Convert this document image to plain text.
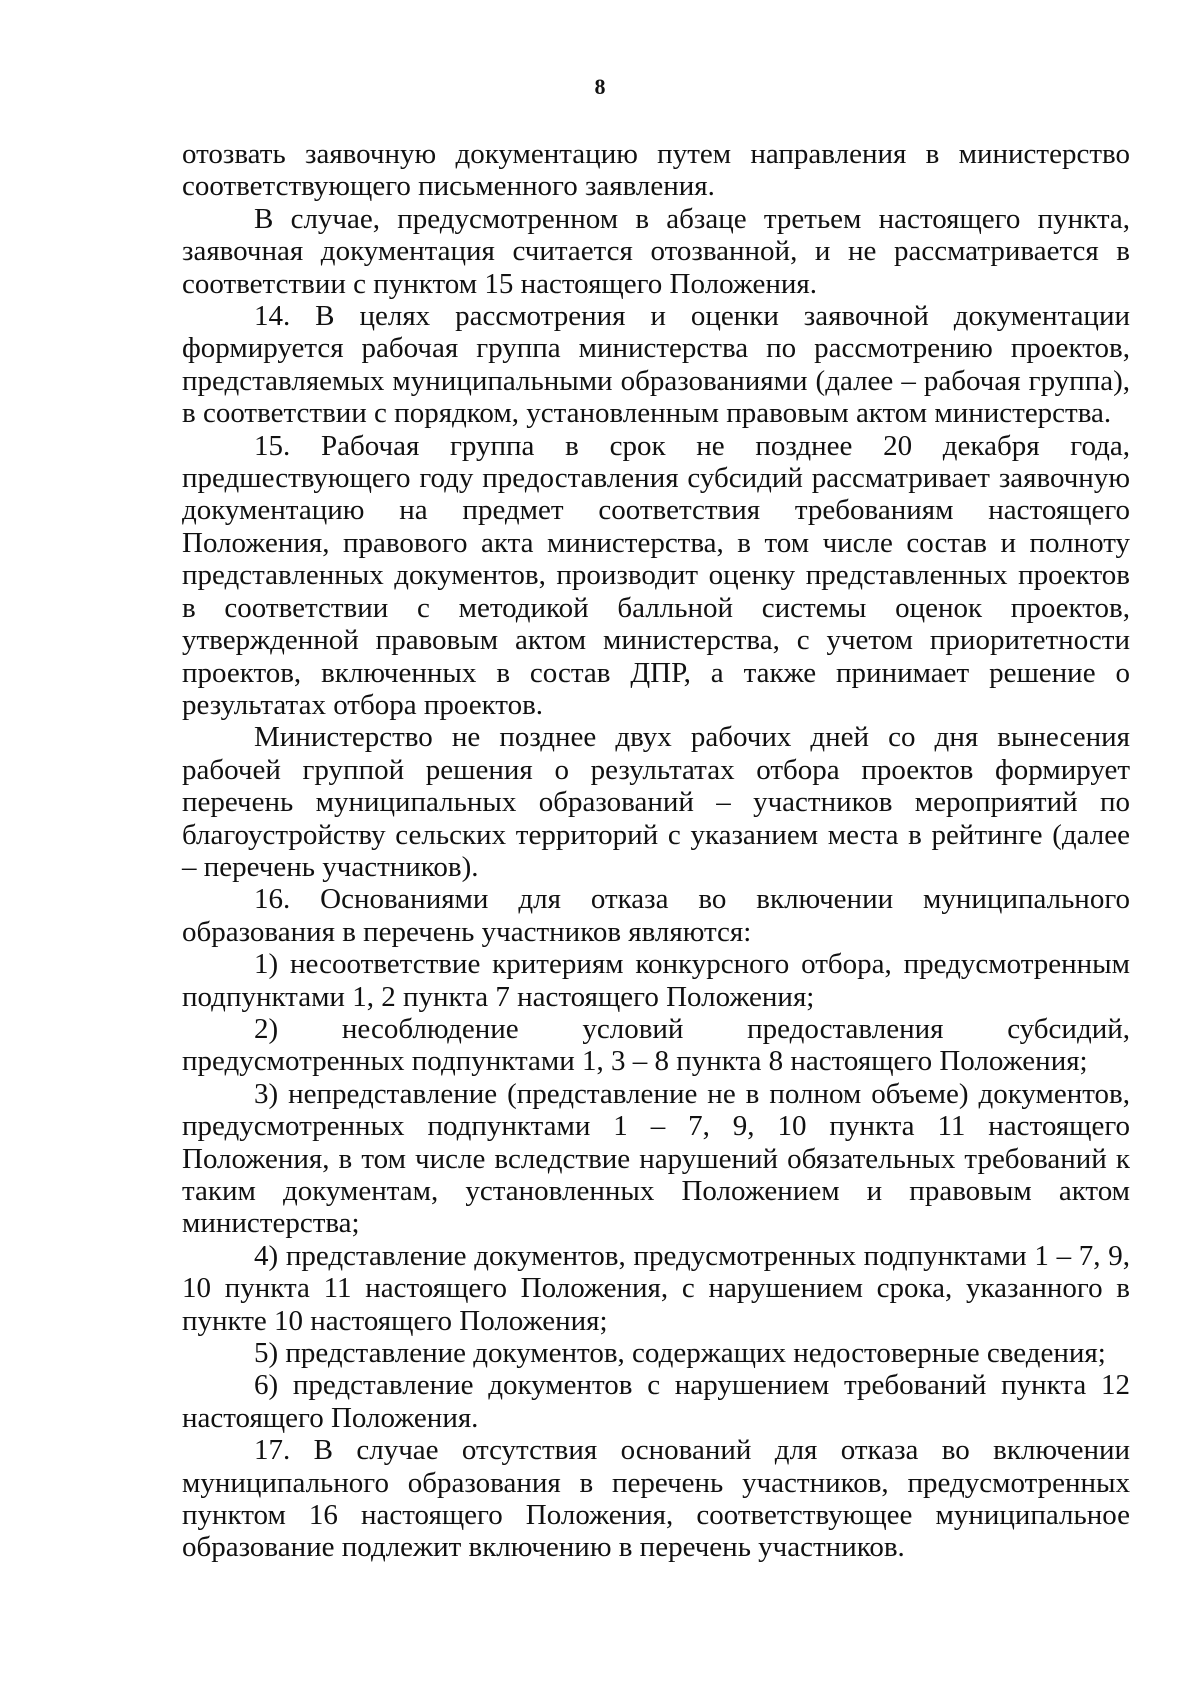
8

отозвать заявочную документацию путем направления в министерство соответствующего письменного заявления.

В случае, предусмотренном в абзаце третьем настоящего пункта, заявочная документация считается отозванной, и не рассматривается в соответствии с пунктом 15 настоящего Положения.

14. В целях рассмотрения и оценки заявочной документации формируется рабочая группа министерства по рассмотрению проектов, представляемых муниципальными образованиями (далее – рабочая группа), в соответствии с порядком, установленным правовым актом министерства.

15. Рабочая группа в срок не позднее 20 декабря года, предшествующего году предоставления субсидий рассматривает заявочную документацию на предмет соответствия требованиям настоящего Положения, правового акта министерства, в том числе состав и полноту представленных документов, производит оценку представленных проектов в соответствии с методикой балльной системы оценок проектов, утвержденной правовым актом министерства, с учетом приоритетности проектов, включенных в состав ДПР, а также принимает решение о результатах отбора проектов.

Министерство не позднее двух рабочих дней со дня вынесения рабочей группой решения о результатах отбора проектов формирует перечень муниципальных образований – участников мероприятий по благоустройству сельских территорий с указанием места в рейтинге (далее – перечень участников).

16. Основаниями для отказа во включении муниципального образования в перечень участников являются:

1) несоответствие критериям конкурсного отбора, предусмотренным подпунктами 1, 2 пункта 7 настоящего Положения;

2) несоблюдение условий предоставления субсидий, предусмотренных подпунктами 1, 3 – 8 пункта 8 настоящего Положения;

3) непредставление (представление не в полном объеме) документов, предусмотренных подпунктами 1 – 7, 9, 10 пункта 11 настоящего Положения, в том числе вследствие нарушений обязательных требований к таким документам, установленных Положением и правовым актом министерства;

4) представление документов, предусмотренных подпунктами 1 – 7, 9, 10 пункта 11 настоящего Положения, с нарушением срока, указанного в пункте 10 настоящего Положения;

5) представление документов, содержащих недостоверные сведения;

6) представление документов с нарушением требований пункта 12 настоящего Положения.

17. В случае отсутствия оснований для отказа во включении муниципального образования в перечень участников, предусмотренных пунктом 16 настоящего Положения, соответствующее муниципальное образование подлежит включению в перечень участников.
